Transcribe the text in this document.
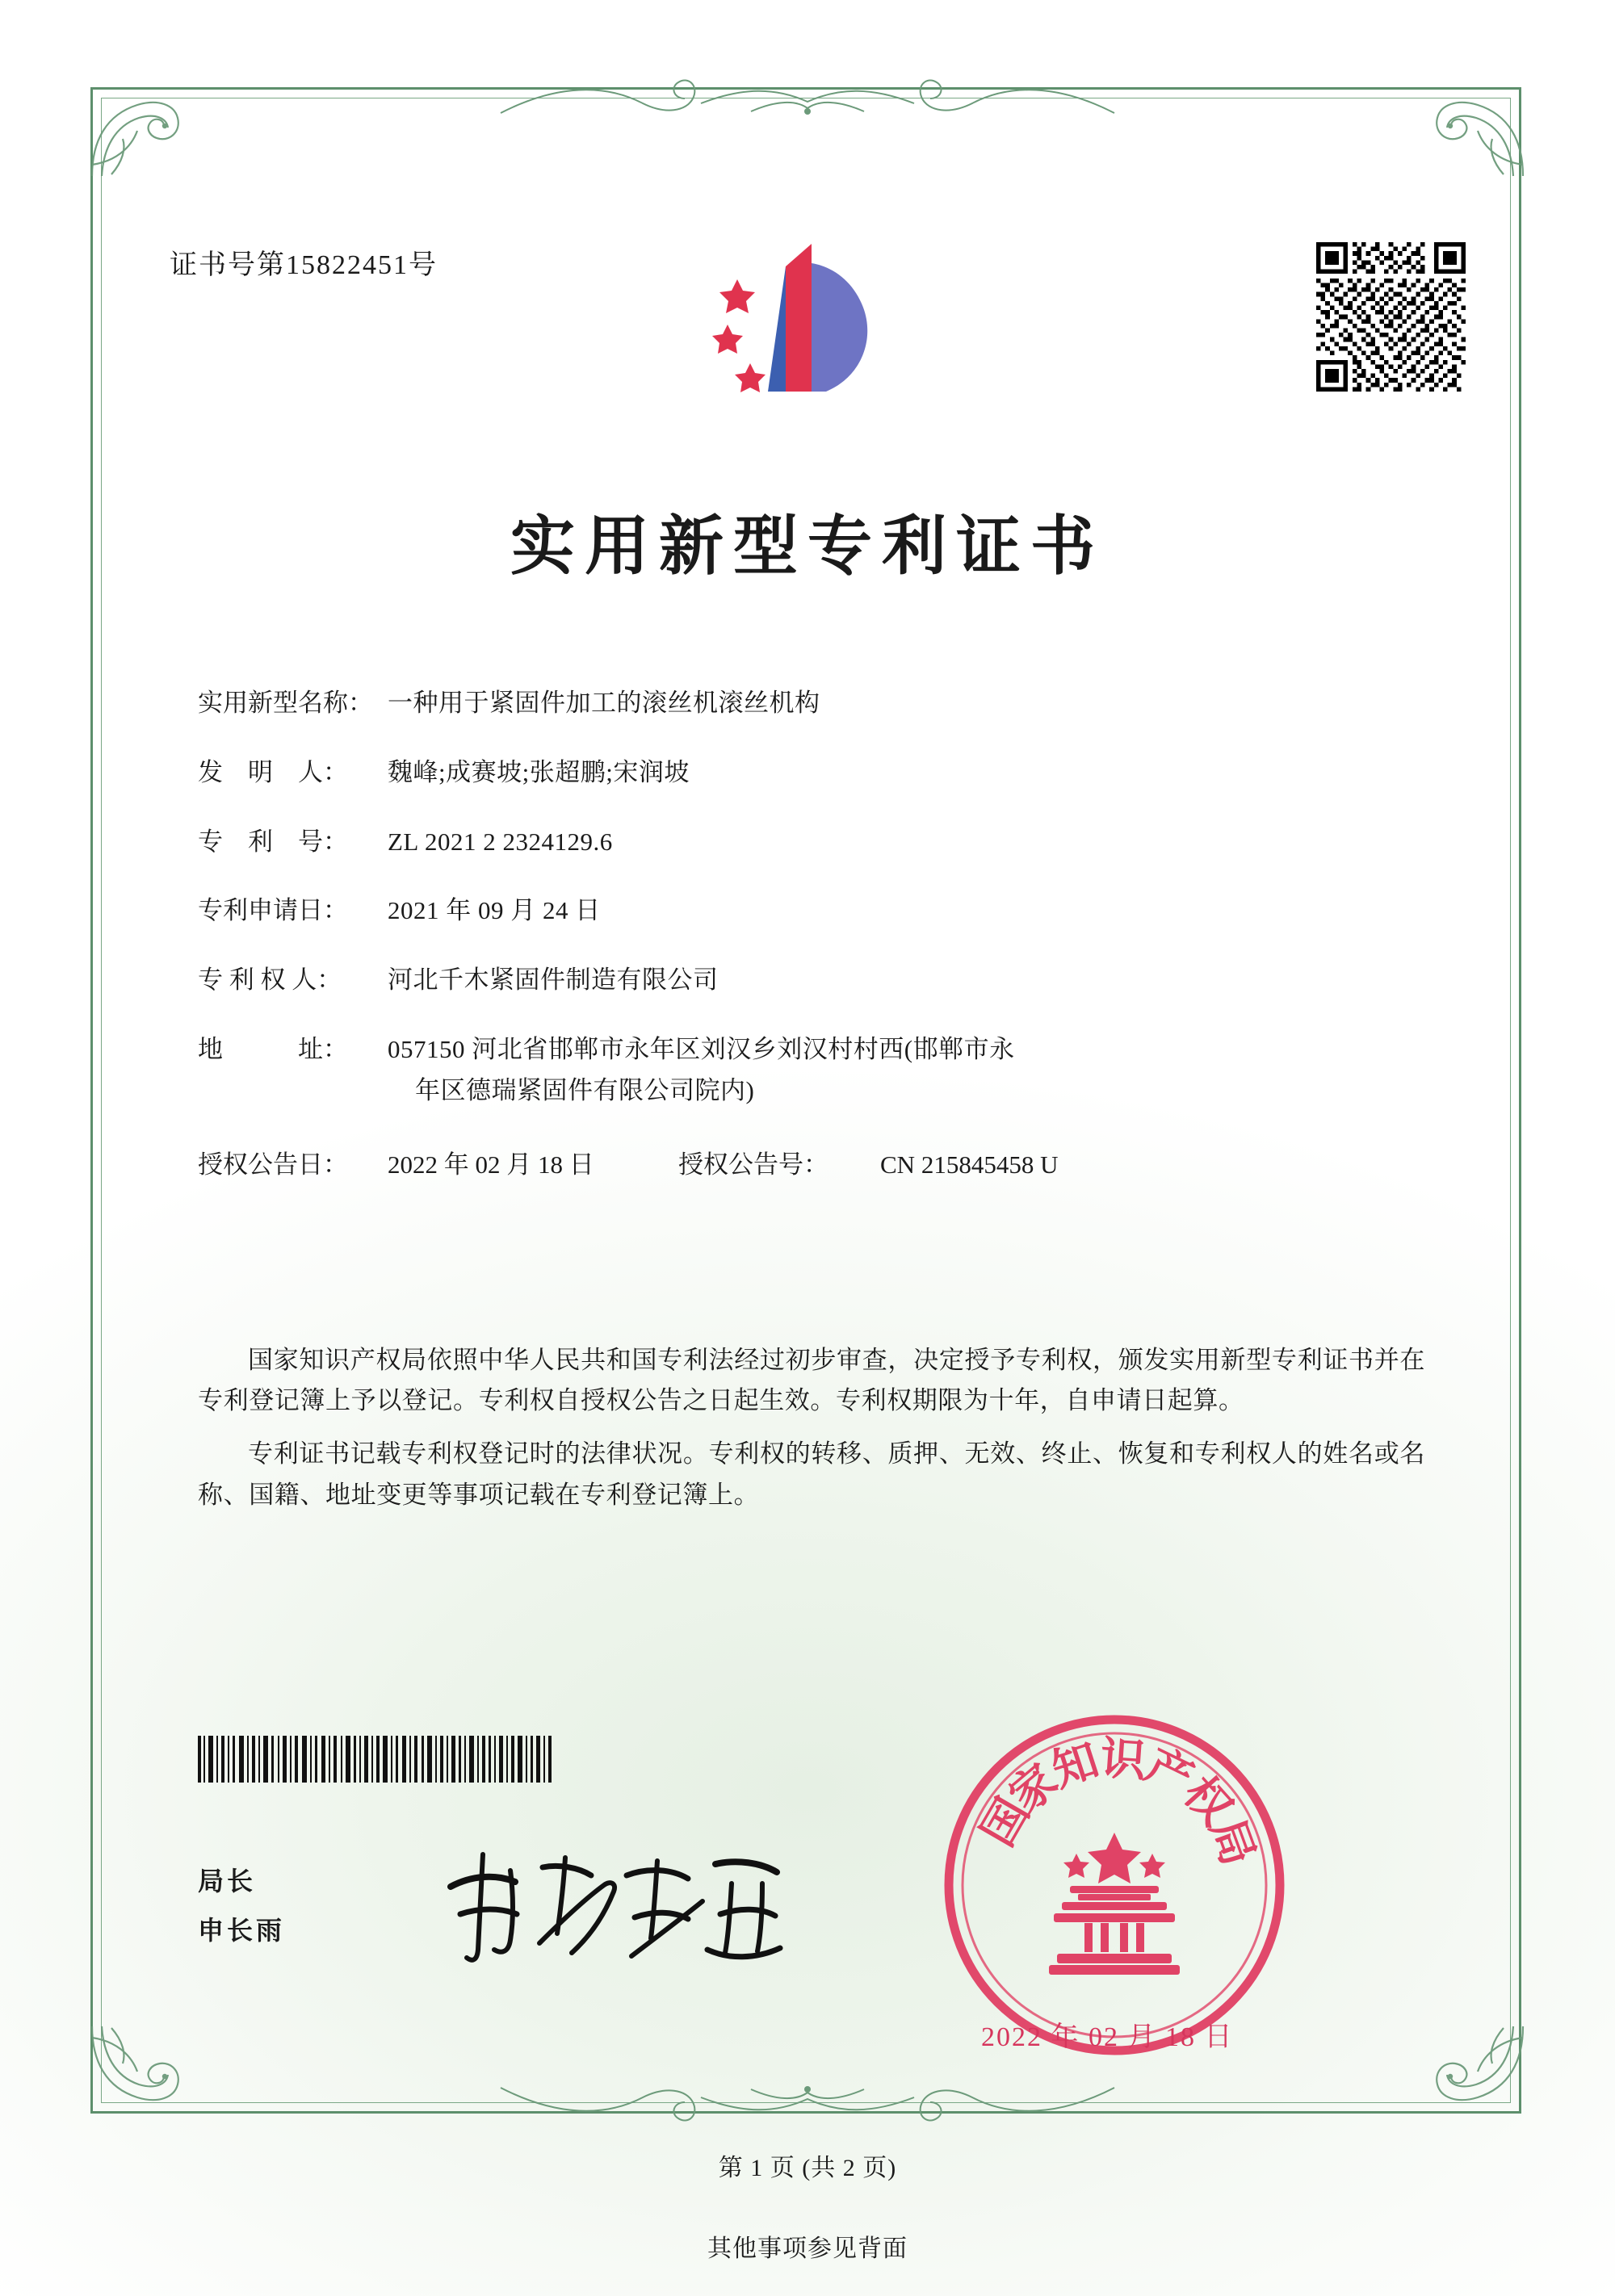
证书号第15822451号
实用新型专利证书
实用新型名称： 一种用于紧固件加工的滚丝机滚丝机构
发　明　人：	魏峰;成赛坡;张超鹏;宋润坡
专　利　号：	ZL 2021 2 2324129.6
专利申请日：	2021 年 09 月 24 日
专 利 权 人：	河北千木紧固件制造有限公司
地　　　址：	057150 河北省邯郸市永年区刘汉乡刘汉村村西(邯郸市永
年区德瑞紧固件有限公司院内)
授权公告日：	2022 年 02 月 18 日	授权公告号：	CN 215845458 U

国家知识产权局依照中华人民共和国专利法经过初步审查，决定授予专利权，颁发实用新型专利证书并在专利登记簿上予以登记。专利权自授权公告之日起生效。专利权期限为十年，自申请日起算。

专利证书记载专利权登记时的法律状况。专利权的转移、质押、无效、终止、恢复和专利权人的姓名或名称、国籍、地址变更等事项记载在专利登记簿上。

局长
申长雨
国
家
知
识
产
权
局
2022 年 02 月 18 日
第 1 页 (共 2 页)
其他事项参见背面
